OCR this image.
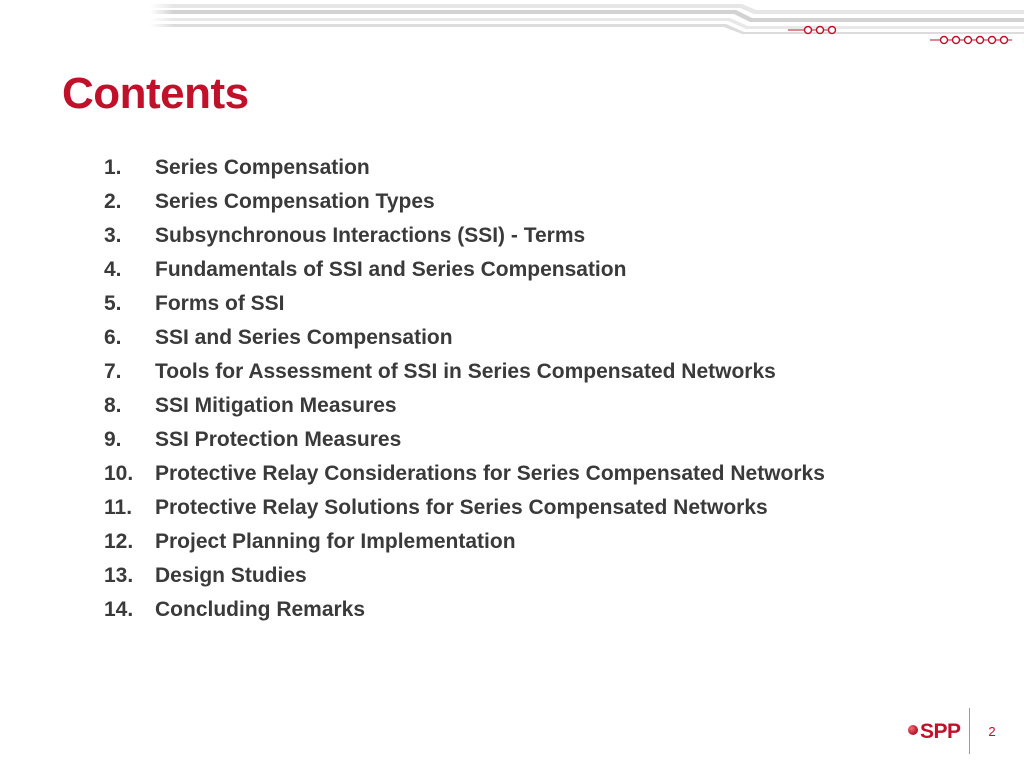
Contents
1.	Series Compensation
2.	Series Compensation Types
3.	Subsynchronous Interactions (SSI) - Terms
4.	Fundamentals of SSI and Series Compensation
5.	Forms of SSI
6.	SSI and Series Compensation
7.	Tools for Assessment of SSI in Series Compensated Networks
8.	SSI Mitigation Measures
9.	SSI Protection Measures
10.	Protective Relay Considerations for Series Compensated Networks
11.	Protective Relay Solutions for Series Compensated Networks
12.	Project Planning for Implementation
13.	Design Studies
14.	Concluding Remarks
SPP	2
